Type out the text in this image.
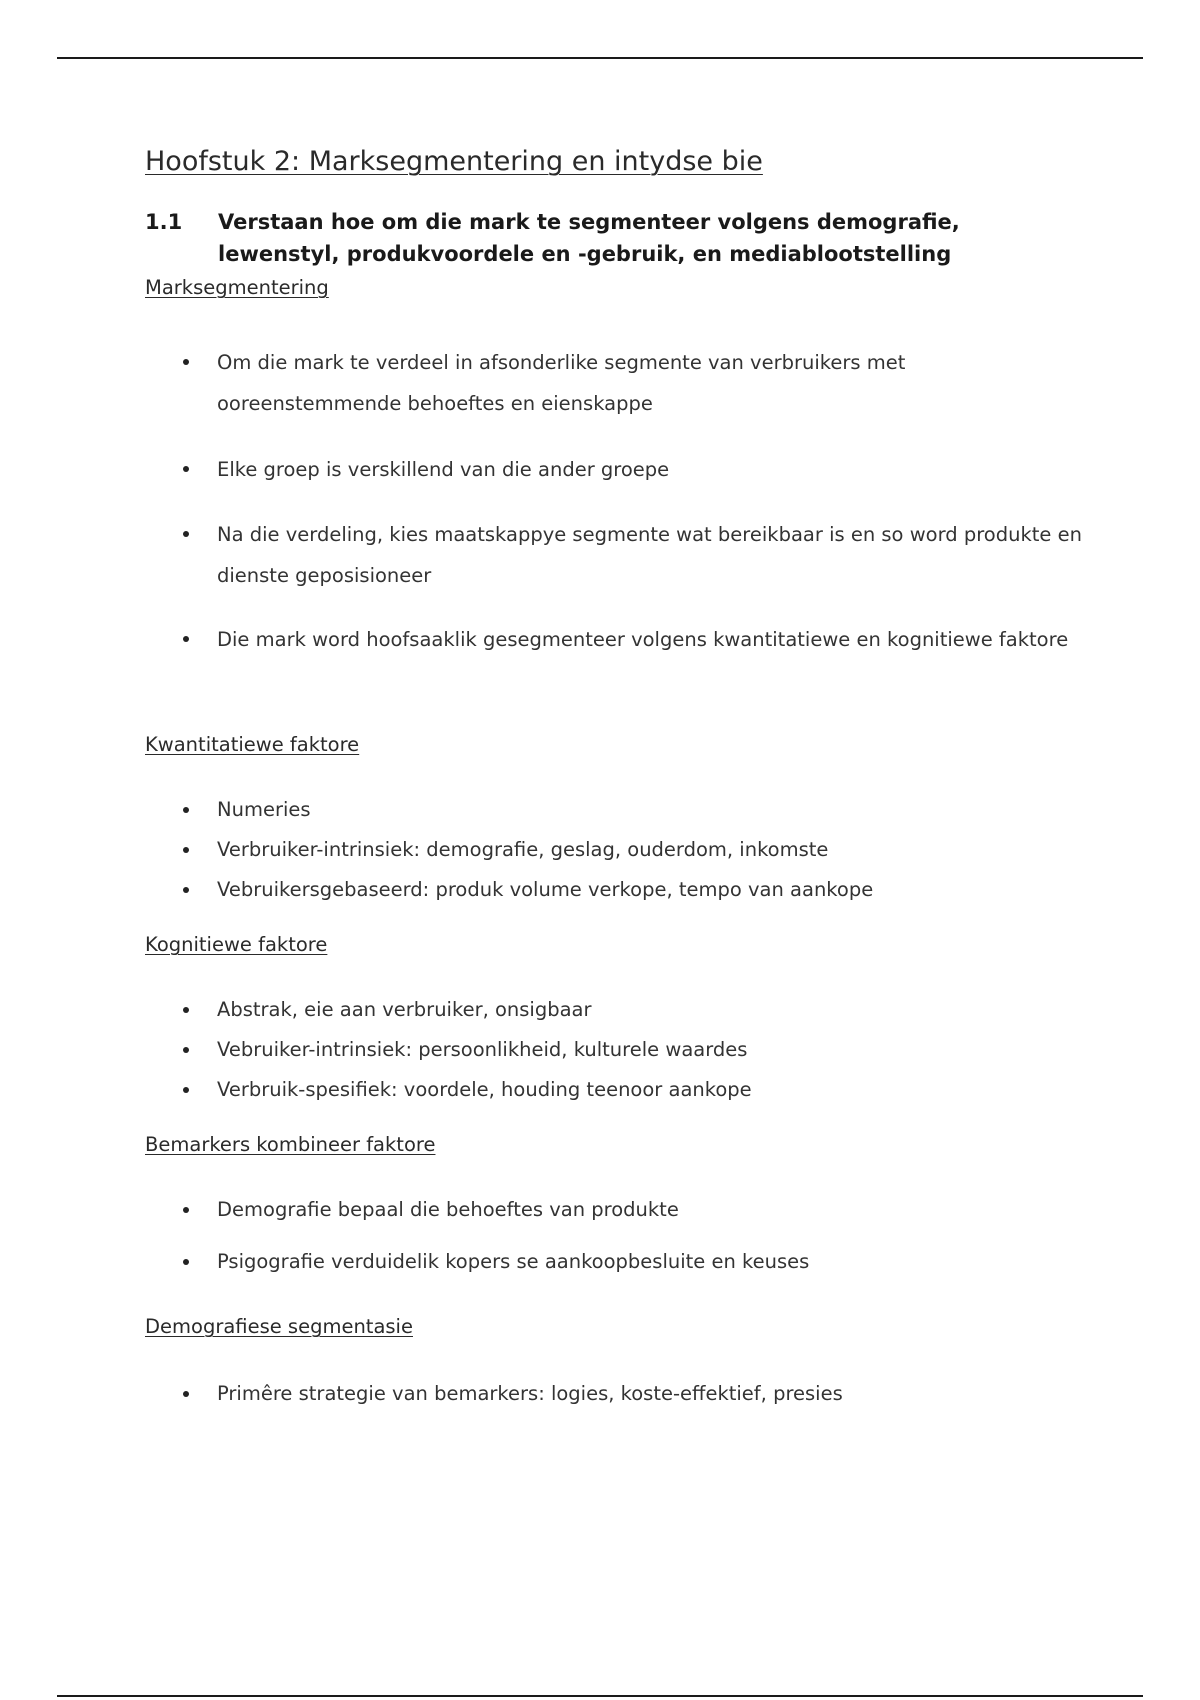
Hoofstuk 2: Marksegmentering en intydse bie
1.1	Verstaan hoe om die mark te segmenteer volgens demografie, lewenstyl, produkvoordele en -gebruik, en mediablootstelling
Marksegmentering
Om die mark te verdeel in afsonderlike segmente van verbruikers met ooreenstemmende behoeftes en eienskappe
Elke groep is verskillend van die ander groepe
Na die verdeling, kies maatskappye segmente wat bereikbaar is en so word produkte en dienste geposisioneer
Die mark word hoofsaaklik gesegmenteer volgens kwantitatiewe en kognitiewe faktore
Kwantitatiewe faktore
Numeries
Verbruiker-intrinsiek: demografie, geslag, ouderdom, inkomste
Vebruikersgebaseerd: produk volume verkope, tempo van aankope
Kognitiewe faktore
Abstrak, eie aan verbruiker, onsigbaar
Vebruiker-intrinsiek: persoonlikheid, kulturele waardes
Verbruik-spesifiek: voordele, houding teenoor aankope
Bemarkers kombineer faktore
Demografie bepaal die behoeftes van produkte
Psigografie verduidelik kopers se aankoopbesluite en keuses
Demografiese segmentasie
Primêre strategie van bemarkers: logies, koste-effektief, presies
